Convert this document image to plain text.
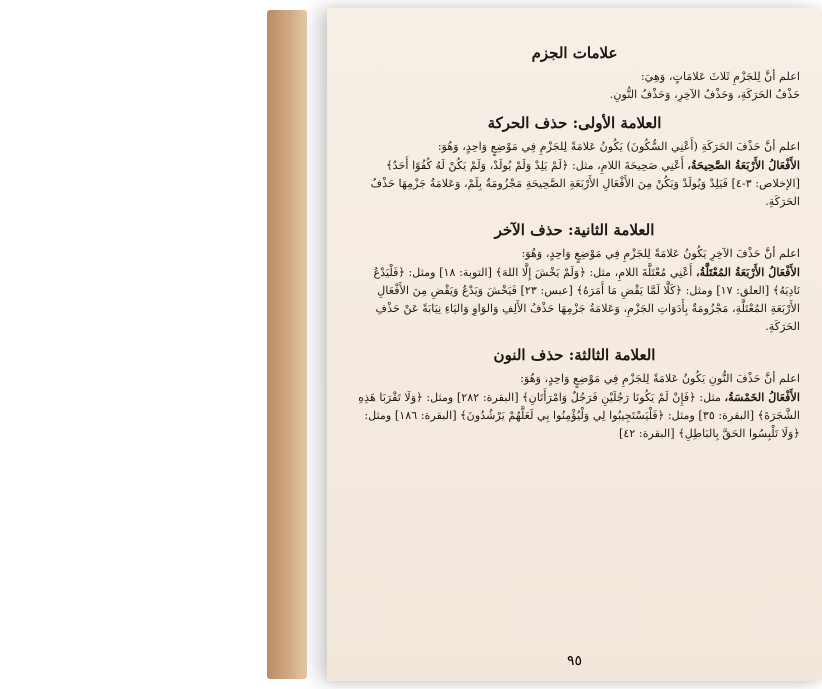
علامات الجزم
اعلم أنَّ لِلجَزْمِ ثَلاثَ عَلامَاتٍ، وَهِيَ:
حَذْفُ الحَرَكَةِ، وَحَذْفُ الآخِرِ، وَحَذْفُ النُّونِ.
العلامة الأولى: حذف الحركة
اعلم أنَّ حَذْفَ الحَرَكَةِ (أَعْنِي السُّكُونَ) يَكُونُ عَلامَةً لِلجَزْمِ فِي مَوْضِعٍ وَاحِدٍ، وَهُوَ:
الأَفْعَالُ الأَرْبَعَةُ الصَّحِيحَةُ، أَعْنِي صَحِيحَةَ اللامِ، مثل: ﴿لَمْ يَلِدْ وَلَمْ يُولَدْ، وَلَمْ يَكُنْ لَهُ كُفُوًا أَحَدٌ﴾ [الإخلاص: ٣-٤] فَيَلِدْ وَيُولَدْ وَيَكُنْ مِنَ الأَفْعَالِ الأَرْبَعَةِ الصَّحِيحَةِ مَجْزُومَةٌ بِلَمْ، وَعَلامَةُ جَزْمِهَا حَذْفُ الحَرَكَةِ.
العلامة الثانية: حذف الآخر
اعلم أنَّ حَذْفَ الآخِرِ يَكُونُ عَلامَةً لِلجَزْمِ فِي مَوْضِعٍ وَاحِدٍ، وَهُوَ:
الأَفْعَالُ الأَرْبَعَةُ المُعْتَلَّةُ، أَعْنِي مُعْتَلَّةَ اللامِ، مثل: ﴿وَلَمْ يَخْشَ إِلَّا اللهَ﴾ [التوبة: ١٨] ومثل: ﴿فَلْيَدْعُ نَادِيَهُ﴾ [العلق: ١٧] ومثل: ﴿كَلَّا لَمَّا يَقْضِ مَا أَمَرَهُ﴾ [عبس: ٢٣] فَيَخْشَ وَيَدْعُ وَيَقْضِ مِنَ الأَفْعَالِ الأَرْبَعَةِ المُعْتَلَّةِ، مَجْزُومَةٌ بِأَدَوَاتِ الجَزْمِ، وَعَلامَةُ جَزْمِهَا حَذْفُ الأَلِفِ وَالوَاوِ وَاليَاءِ نِيَابَةً عَنْ حَذْفِ الحَرَكَةِ.
العلامة الثالثة: حذف النون
اعلم أنَّ حَذْفَ النُّونِ يَكُونُ عَلامَةً لِلجَزْمِ فِي مَوْضِعٍ وَاحِدٍ، وَهُوَ:
الأَفْعَالُ الخَمْسَةُ، مثل: ﴿فَإِنْ لَمْ يَكُونَا رَجُلَيْنِ فَرَجُلٌ وَامْرَأَتَانِ﴾ [البقرة: ٢٨٢] ومثل: ﴿وَلَا تَقْرَبَا هَذِهِ الشَّجَرَةَ﴾ [البقرة: ٣٥] ومثل: ﴿فَلْيَسْتَجِيبُوا لِي وَلْيُؤْمِنُوا بِي لَعَلَّهُمْ يَرْشُدُونَ﴾ [البقرة: ١٨٦] ومثل: ﴿وَلَا تَلْبِسُوا الحَقَّ بِالبَاطِلِ﴾ [البقرة: ٤٢]
٩٥
